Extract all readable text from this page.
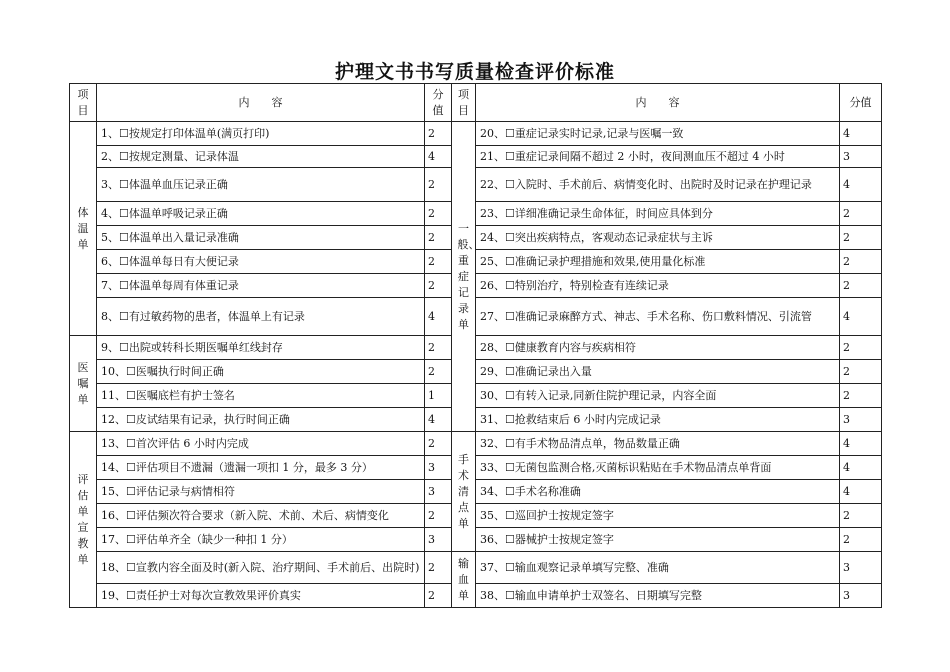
护理文书书写质量检查评价标准
项目	内　　容	分值	项目	内　　容	分值
体温单	1、☐按规定打印体温单(满页打印)	2	一般、重症记录单	20、☐重症记录实时记录,记录与医嘱一致	4
	2、☐按规定测量、记录体温	4		21、☐重症记录间隔不超过 2 小时，夜间测血压不超过 4 小时	3
	3、☐体温单血压记录正确	2		22、☐入院时、手术前后、病情变化时、出院时及时记录在护理记录	4
	4、☐体温单呼吸记录正确	2		23、☐详细准确记录生命体征，时间应具体到分	2
	5、☐体温单出入量记录准确	2		24、☐突出疾病特点，客观动态记录症状与主诉	2
	6、☐体温单每日有大便记录	2		25、☐准确记录护理措施和效果,使用量化标准	2
	7、☐体温单每周有体重记录	2		26、☐特别治疗，特别检查有连续记录	2
	8、☐有过敏药物的患者，体温单上有记录	4		27、☐准确记录麻醉方式、神志、手术名称、伤口敷料情况、引流管	4
医嘱单	9、☐出院或转科长期医嘱单红线封存	2		28、☐健康教育内容与疾病相符	2
	10、☐医嘱执行时间正确	2		29、☐准确记录出入量	2
	11、☐医嘱底栏有护士签名	1		30、☐有转入记录,同新住院护理记录，内容全面	2
	12、☐皮试结果有记录，执行时间正确	4		31、☐抢救结束后 6 小时内完成记录	3
评估单宣教单	13、☐首次评估 6 小时内完成	2	手术清点单	32、☐有手术物品清点单，物品数量正确	4
	14、☐评估项目不遗漏（遗漏一项扣 1 分，最多 3 分）	3		33、☐无菌包监测合格,灭菌标识粘贴在手术物品清点单背面	4
	15、☐评估记录与病情相符	3		34、☐手术名称准确	4
	16、☐评估频次符合要求（新入院、术前、术后、病情变化	2		35、☐巡回护士按规定签字	2
	17、☐评估单齐全（缺少一种扣 1 分）	3		36、☐器械护士按规定签字	2
	18、☐宣教内容全面及时(新入院、治疗期间、手术前后、出院时)	2	输血单	37、☐输血观察记录单填写完整、准确	3
	19、☐责任护士对每次宣教效果评价真实	2		38、☐输血申请单护士双签名、日期填写完整	3
